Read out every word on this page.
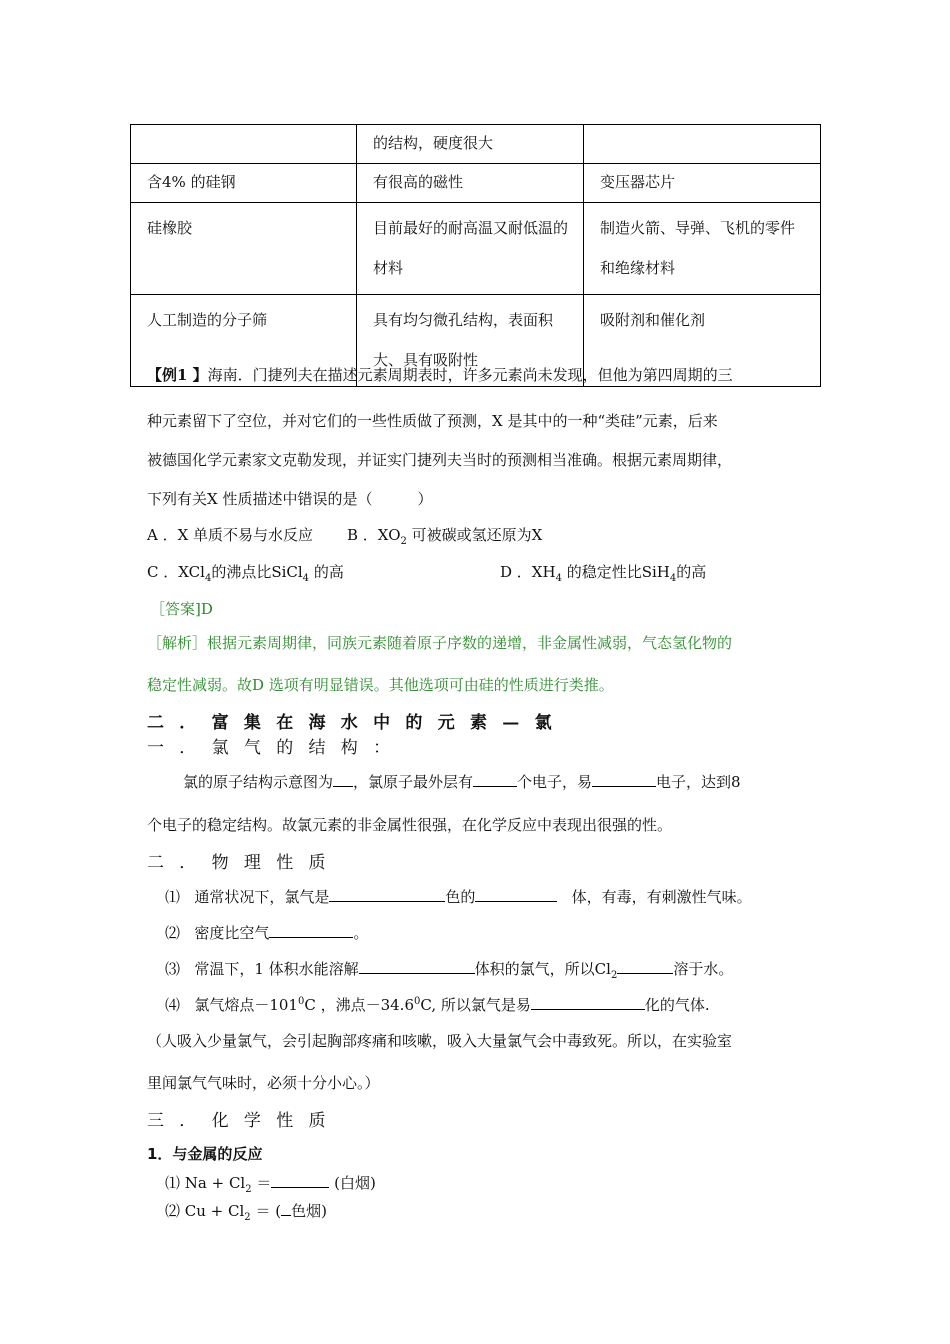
	的结构，硬度很大	
含4% 的硅钢	有很高的磁性	变压器芯片
硅橡胶	目前最好的耐高温又耐低温的材料	制造火箭、导弹、飞机的零件和绝缘材料
人工制造的分子筛	具有均匀微孔结构，表面积大、具有吸附性	吸附剂和催化剂
【例1 】海南．门捷列夫在描述元素周期表时，许多元素尚未发现，但他为第四周期的三
种元素留下了空位，并对它们的一些性质做了预测，X 是其中的一种“类硅”元素，后来
被德国化学元素家文克勒发现，并证实门捷列夫当时的预测相当准确。根据元素周期律，
下列有关X 性质描述中错误的是（　　　）
A ．X 单质不易与水反应 B ．$XO_2$ 可被碳或氢还原为X
C ．XCl$_4$的沸点比SiCl$_4$ 的高	D ．$XH_4$ 的稳定性比SiH$_4$的高
［答案]D
［解析］根据元素周期律，同族元素随着原子序数的递增，非金属性减弱，气态氢化物的
稳定性减弱。故D 选项有明显错误。其他选项可由硅的性质进行类推。
二．富集在海水中的元素—氯
一．氯气的结构：
氯的原子结构示意图为 ，氯原子最外层有	个电子，易	电子，达到8
个电子的稳定结构。故氯元素的非金属性很强，在化学反应中表现出很强的性。
二．物理性质
⑴ 通常状况下，氯气是	色的	体，有毒，有刺激性气味。
⑵ 密度比空气	。
⑶ 常温下，1 体积水能溶解	体积的氯气，所以$Cl_2$	溶于水。
⑷ 氯气熔点$-101^0C$ ，沸点$-34.6^0C$, 所以氯气是易	化的气体.
（人吸入少量氯气，会引起胸部疼痛和咳嗽，吸入大量氯气会中毒致死。所以，在实验室
里闻氯气气味时，必须十分小心。）
三．化学性质
1．与金属的反应
⑴ $Na + Cl_2$ ＝	(白烟)
⑵ $Cu + Cl_2$ ＝ ( 色烟)
